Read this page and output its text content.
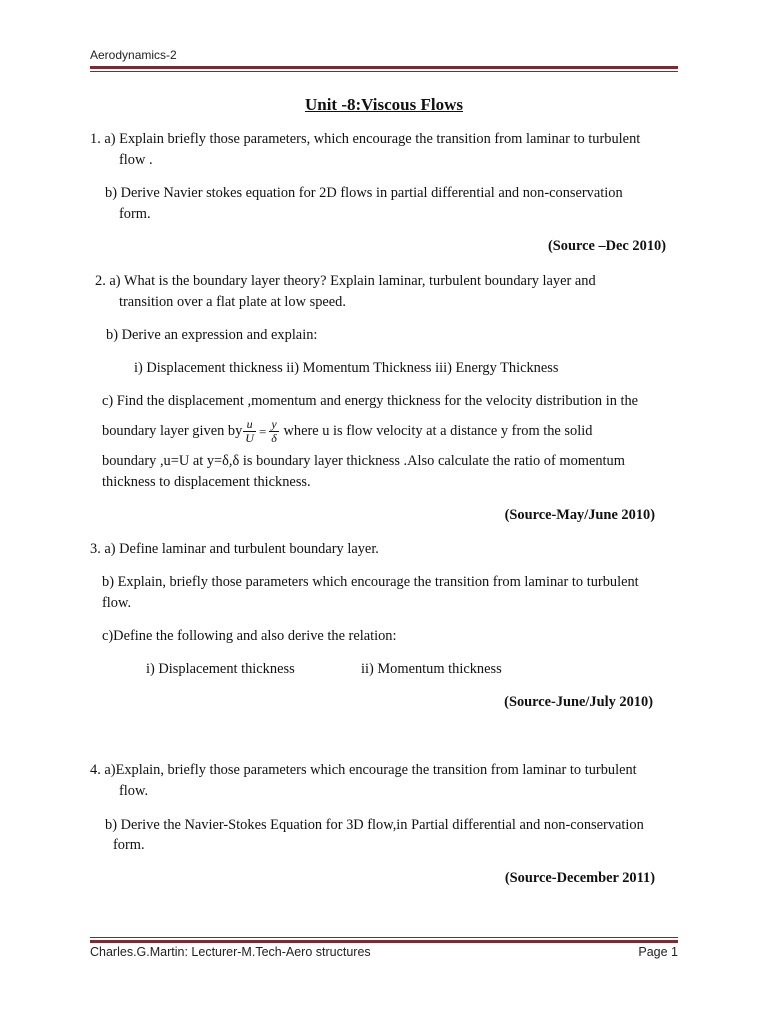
Aerodynamics-2
Unit -8:Viscous Flows
1. a) Explain briefly those parameters, which encourage the transition from laminar to turbulent
flow .
b) Derive Navier stokes equation for 2D flows in partial differential and non-conservation
form.
(Source –Dec 2010)
2. a) What is the boundary layer theory? Explain laminar, turbulent boundary layer and
transition over a flat plate at low speed.
b) Derive an expression and explain:
i) Displacement thickness ii) Momentum Thickness iii) Energy Thickness
c) Find the displacement ,momentum and energy thickness for the velocity distribution in the
boundary layer given by $\frac{u}{U} = \frac{y}{\delta}$ where u is flow velocity at a distance y from the solid
boundary ,u=U at y=δ,δ is boundary layer thickness .Also calculate the ratio of momentum
thickness to displacement thickness.
(Source-May/June 2010)
3. a) Define laminar and turbulent boundary layer.
b) Explain, briefly those parameters which encourage the transition from laminar to turbulent
flow.
c)Define the following and also derive the relation:
i) Displacement thickness	ii) Momentum thickness
(Source-June/July 2010)
4. a)Explain, briefly those parameters which encourage the transition from laminar to turbulent
flow.
b) Derive the Navier-Stokes Equation for 3D flow,in Partial differential and non-conservation
form.
(Source-December 2011)
Charles.G.Martin: Lecturer-M.Tech-Aero structures	Page 1
